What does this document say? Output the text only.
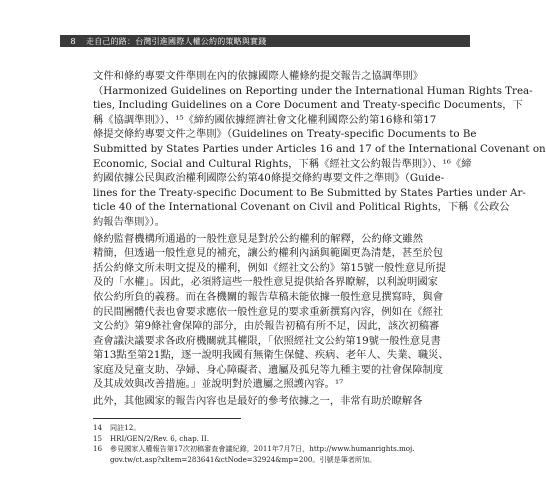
8	走自己的路：台灣引進國際人權公約的策略與實踐
文件和條約專要文件準則在內的依據國際人權條約提交報告之協調準則》
（Harmonized Guidelines on Reporting under the International Human Rights Trea-
ties, Including Guidelines on a Core Document and Treaty-specific Documents，下
稱《協調準則》）、¹⁵《締約國依據經濟社會文化權利國際公約第16條和第17
條提交條約專要文件之準則》（Guidelines on Treaty-specific Documents to Be
Submitted by States Parties under Articles 16 and 17 of the International Covenant on
Economic, Social and Cultural Rights，下稱《經社文公約報告準則》）、¹⁶《締
約國依據公民與政治權利國際公約第40條提交條約專要文件之準則》（Guide-
lines for the Treaty-specific Document to Be Submitted by States Parties under Ar-
ticle 40 of the International Covenant on Civil and Political Rights，下稱《公政公
約報告準則》）。
條約監督機構所通過的一般性意見是對於公約權利的解釋，公約條文雖然
精簡，但透過一般性意見的補充，讓公約權利內涵與範圍更為清楚，甚至於包
括公約條文所未明文提及的權利，例如《經社文公約》第15號一般性意見所提
及的「水權」。因此，必須將這些一般性意見提供給各界瞭解，以利說明國家
依公約所負的義務。而在各機關的報告草稿未能依據一般性意見撰寫時，與會
的民間團體代表也會要求應依一般性意見的要求重新撰寫內容，例如在《經社
文公約》第9條社會保障的部分，由於報告初稿有所不足，因此，該次初稿審
查會議決議要求各政府機關就其權限，「依照經社文公約第19號一般性意見書
第13點至第21點，逐一說明我國有無衛生保健、疾病、老年人、失業、職災、
家庭及兒童支助、孕婦、身心障礙者、遺屬及孤兒等九種主要的社會保障制度
及其成效與改善措施。」並說明對於遺屬之照護內容。¹⁷
此外，其他國家的報告內容也是最好的參考依據之一，非常有助於瞭解各
14	同註12。
15	HRI/GEN/2/Rev. 6, chap. II.
16	參見國家人權報告第17次初稿審查會議紀錄，2011年7月7日，http://www.humanrights.moj.
gov.tw/ct.asp?xItem=283641&ctNode=32924&mp=200。引號是筆者所加。
